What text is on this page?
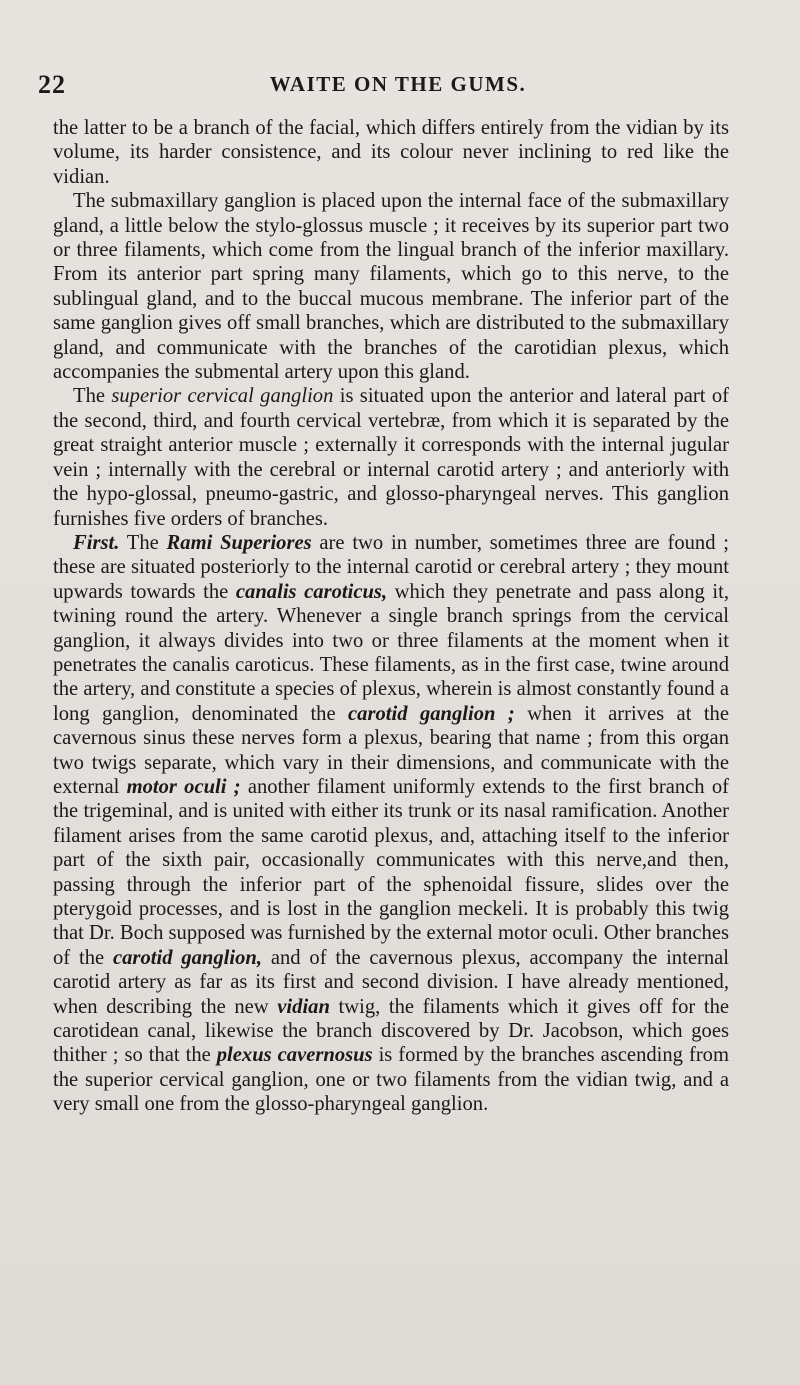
22	WAITE ON THE GUMS.

the latter to be a branch of the facial, which differs entirely from the vidian by its volume, its harder consistence, and its colour never inclining to red like the vidian.

The submaxillary ganglion is placed upon the internal face of the submaxillary gland, a little below the stylo-glossus muscle ; it receives by its superior part two or three filaments, which come from the lingual branch of the inferior maxillary. From its anterior part spring many filaments, which go to this nerve, to the sublingual gland, and to the buccal mucous membrane. The inferior part of the same ganglion gives off small branches, which are distributed to the submaxillary gland, and communicate with the branches of the carotidian plexus, which accompanies the submental artery upon this gland.

The superior cervical ganglion is situated upon the anterior and lateral part of the second, third, and fourth cervical vertebræ, from which it is separated by the great straight anterior muscle ; externally it corresponds with the internal jugular vein ; internally with the cerebral or internal carotid artery ; and anteriorly with the hypo-glossal, pneumo-gastric, and glosso-pharyngeal nerves. This ganglion furnishes five orders of branches.

First. The Rami Superiores are two in number, sometimes three are found ; these are situated posteriorly to the internal carotid or cerebral artery ; they mount upwards towards the canalis caroticus, which they penetrate and pass along it, twining round the artery. Whenever a single branch springs from the cervical ganglion, it always divides into two or three filaments at the moment when it penetrates the canalis caroticus. These filaments, as in the first case, twine around the artery, and constitute a species of plexus, wherein is almost constantly found a long ganglion, denominated the carotid ganglion ; when it arrives at the cavernous sinus these nerves form a plexus, bearing that name ; from this organ two twigs separate, which vary in their dimensions, and communicate with the external motor oculi ; another filament uniformly extends to the first branch of the trigeminal, and is united with either its trunk or its nasal ramification. Another filament arises from the same carotid plexus, and, attaching itself to the inferior part of the sixth pair, occasionally communicates with this nerve,and then, passing through the inferior part of the sphenoidal fissure, slides over the pterygoid processes, and is lost in the ganglion meckeli. It is probably this twig that Dr. Boch supposed was furnished by the external motor oculi. Other branches of the carotid ganglion, and of the cavernous plexus, accompany the internal carotid artery as far as its first and second division. I have already mentioned, when describing the new vidian twig, the filaments which it gives off for the carotidean canal, likewise the branch discovered by Dr. Jacobson, which goes thither ; so that the plexus cavernosus is formed by the branches ascending from the superior cervical ganglion, one or two filaments from the vidian twig, and a very small one from the glosso-pharyngeal ganglion.
